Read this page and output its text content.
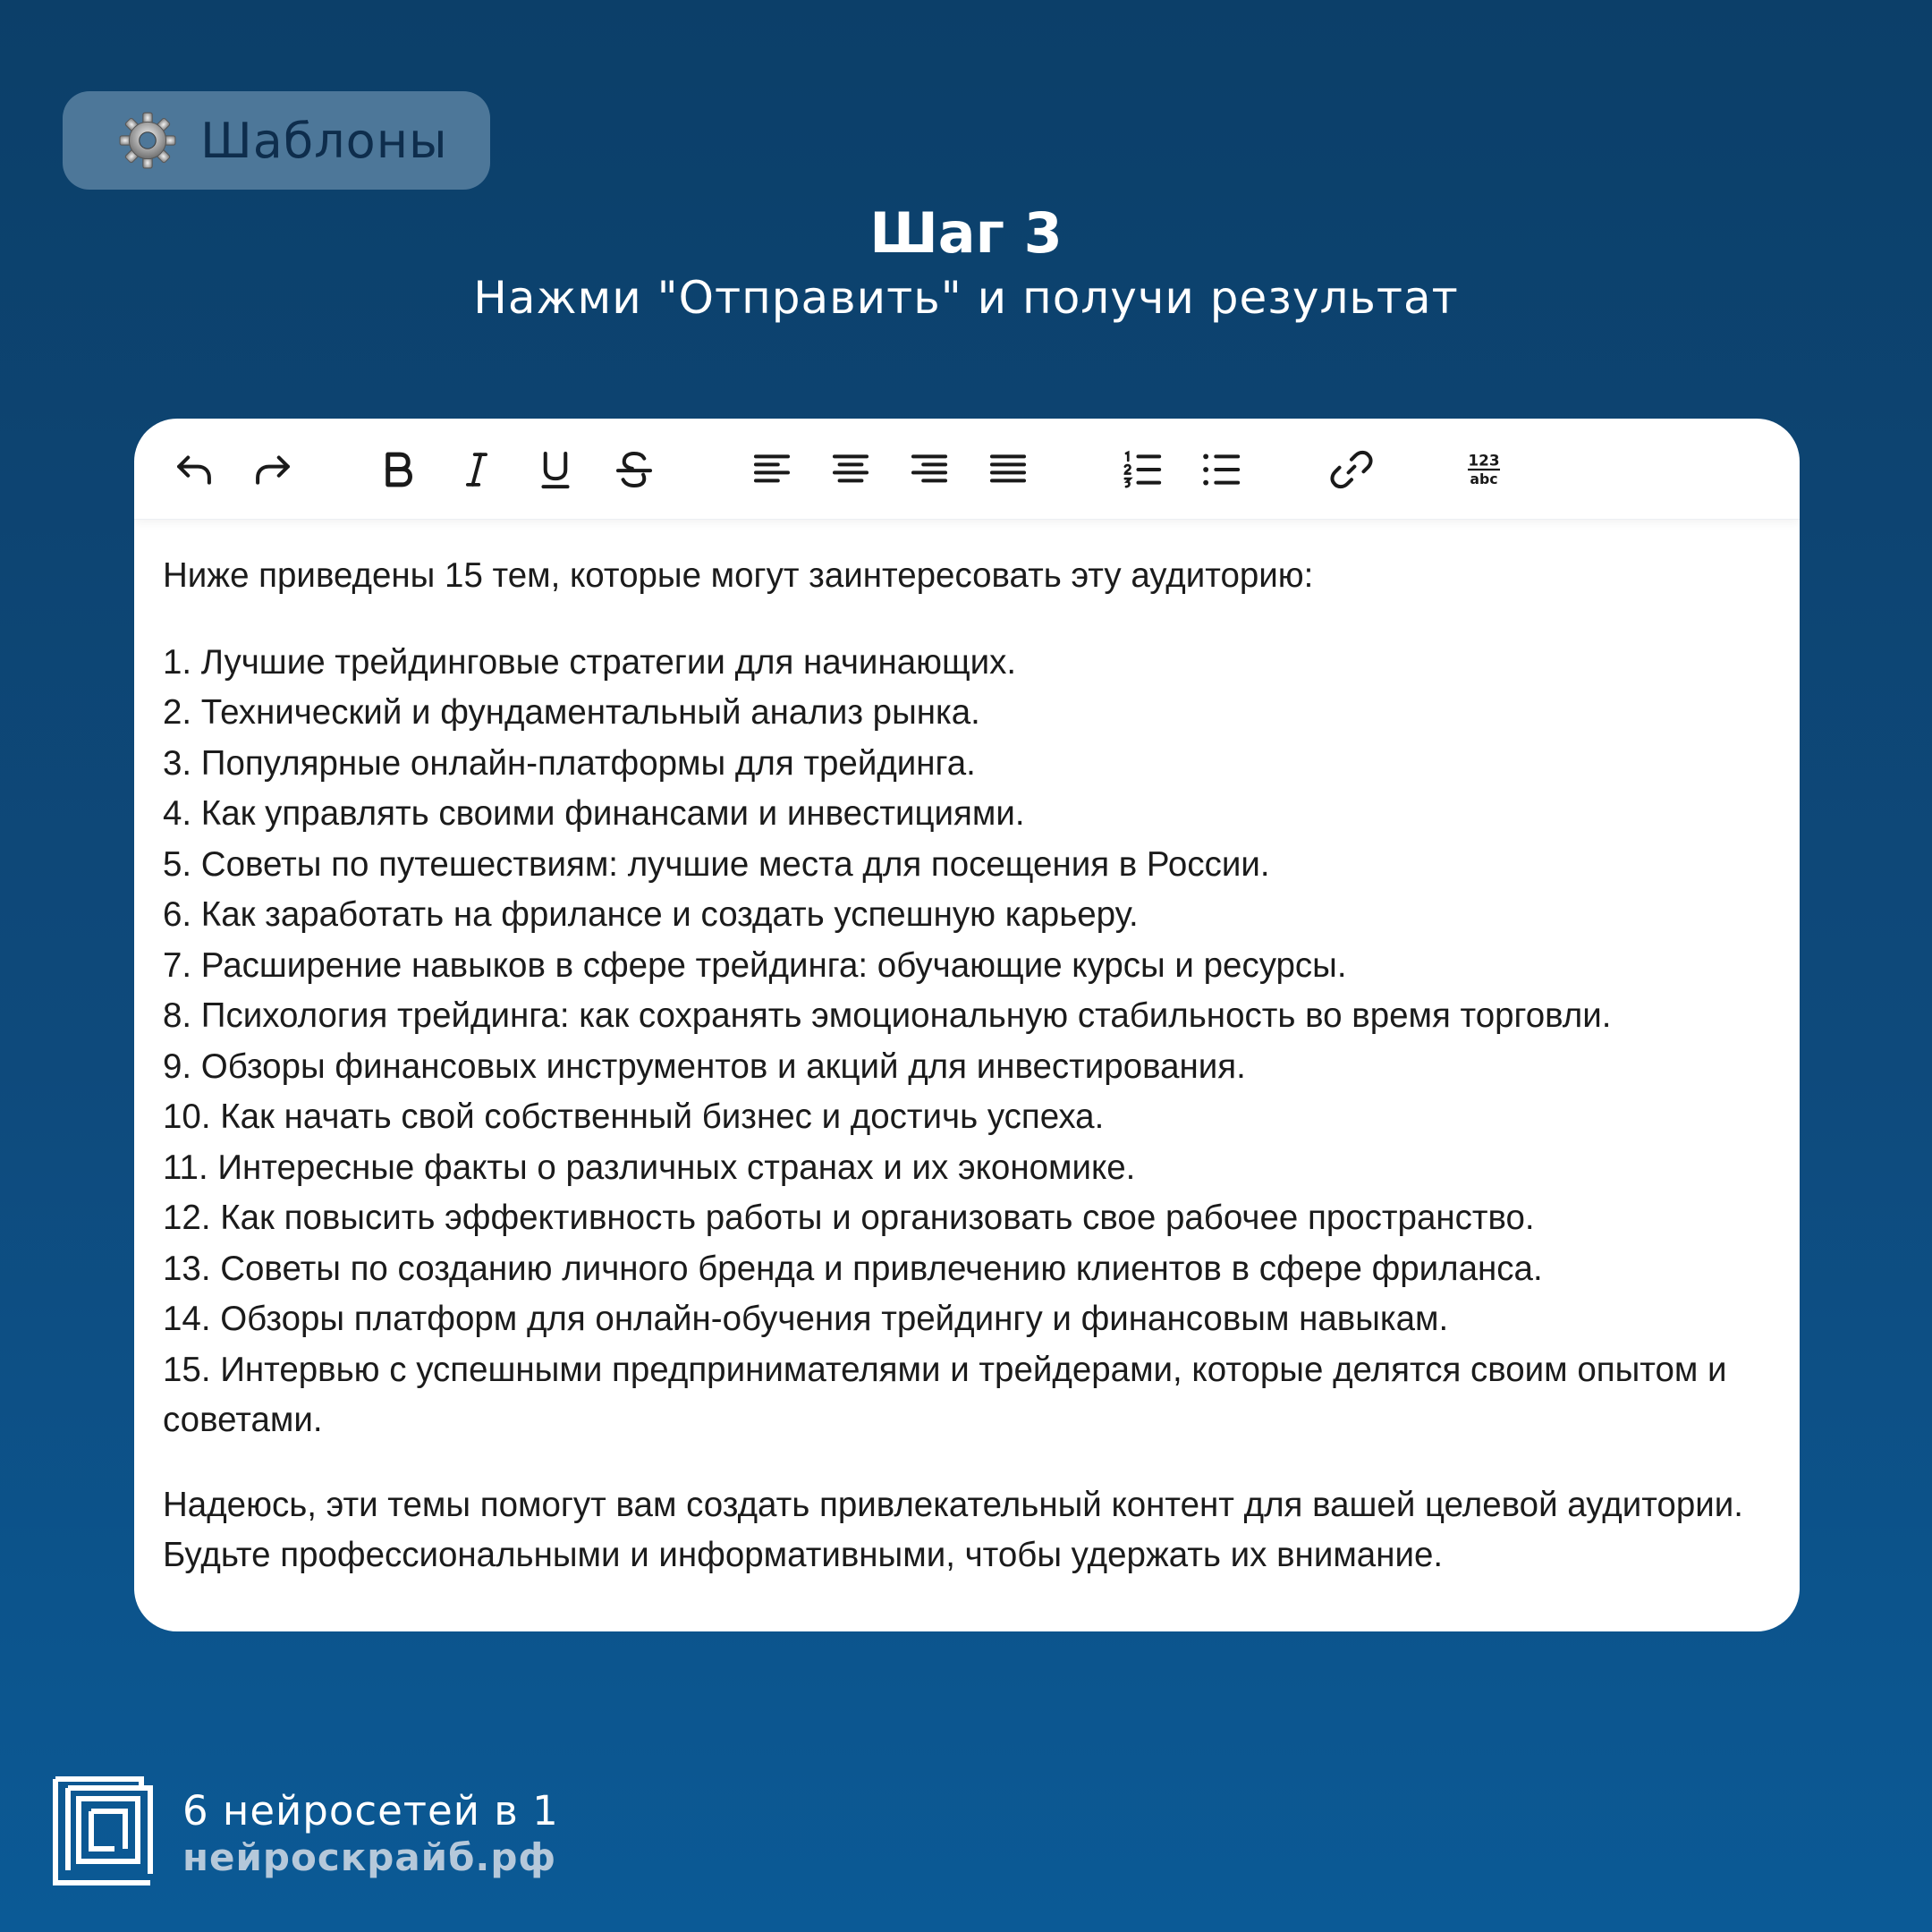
Шаблоны
Шаг 3
Нажми "Отправить" и получи результат
123
abc

Ниже приведены 15 тем, которые могут заинтересовать эту аудиторию:

1. Лучшие трейдинговые стратегии для начинающих.

2. Технический и фундаментальный анализ рынка.

3. Популярные онлайн-платформы для трейдинга.

4. Как управлять своими финансами и инвестициями.

5. Советы по путешествиям: лучшие места для посещения в России.

6. Как заработать на фрилансе и создать успешную карьеру.

7. Расширение навыков в сфере трейдинга: обучающие курсы и ресурсы.

8. Психология трейдинга: как сохранять эмоциональную стабильность во время торговли.

9. Обзоры финансовых инструментов и акций для инвестирования.

10. Как начать свой собственный бизнес и достичь успеха.

11. Интересные факты о различных странах и их экономике.

12. Как повысить эффективность работы и организовать свое рабочее пространство.

13. Советы по созданию личного бренда и привлечению клиентов в сфере фриланса.

14. Обзоры платформ для онлайн-обучения трейдингу и финансовым навыкам.

15. Интервью с успешными предпринимателями и трейдерами, которые делятся своим опытом и советами.

Надеюсь, эти темы помогут вам создать привлекательный контент для вашей целевой аудитории. Будьте профессиональными и информативными, чтобы удержать их внимание.

6 нейросетей в 1
нейроскрайб.рф
